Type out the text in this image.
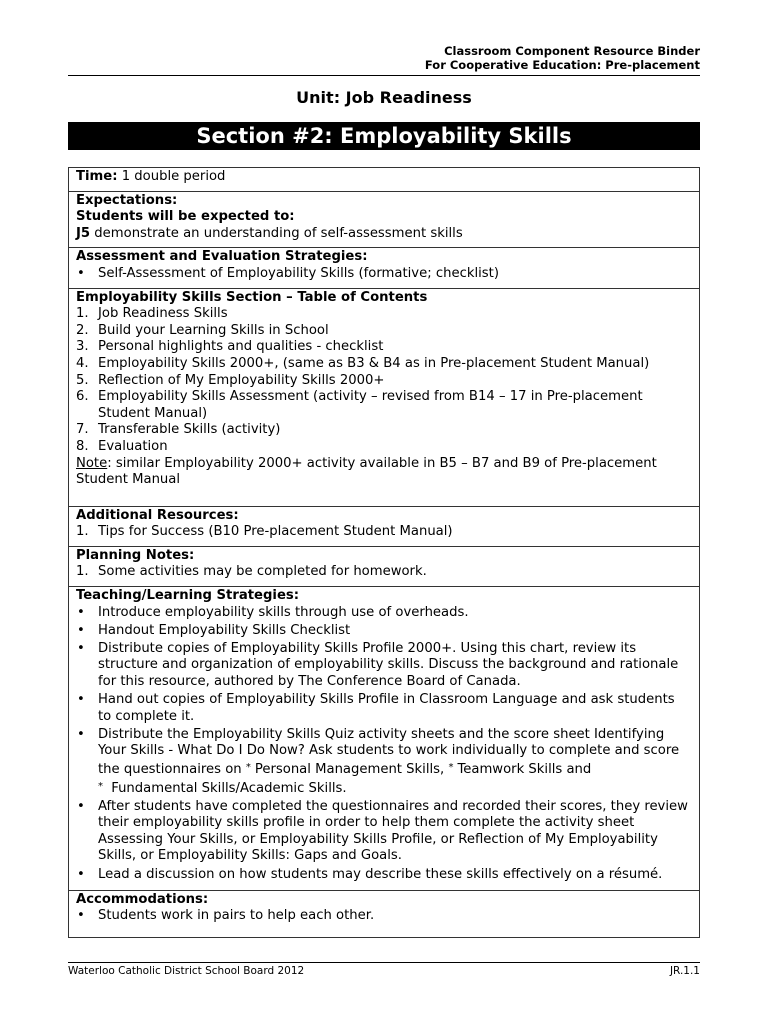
Classroom Component Resource Binder
For Cooperative Education: Pre-placement
Unit: Job Readiness
Section #2: Employability Skills
Time: 1 double period
Expectations:
Students will be expected to:
J5 demonstrate an understanding of self-assessment skills
Assessment and Evaluation Strategies:
• Self-Assessment of Employability Skills (formative; checklist)
Employability Skills Section – Table of Contents
1. Job Readiness Skills
2. Build your Learning Skills in School
3. Personal highlights and qualities - checklist
4. Employability Skills 2000+, (same as B3 & B4 as in Pre-placement Student Manual)
5. Reflection of My Employability Skills 2000+
6. Employability Skills Assessment (activity – revised from B14 – 17 in Pre-placement Student Manual)
7. Transferable Skills (activity)
8. Evaluation
Note: similar Employability 2000+ activity available in B5 – B7 and B9 of Pre-placement Student Manual
Additional Resources:
1. Tips for Success (B10 Pre-placement Student Manual)
Planning Notes:
1. Some activities may be completed for homework.
Teaching/Learning Strategies:
• Introduce employability skills through use of overheads.
• Handout Employability Skills Checklist
• Distribute copies of Employability Skills Profile 2000+. Using this chart, review its structure and organization of employability skills. Discuss the background and rationale for this resource, authored by The Conference Board of Canada.
• Hand out copies of Employability Skills Profile in Classroom Language and ask students to complete it.
• Distribute the Employability Skills Quiz activity sheets and the score sheet Identifying Your Skills - What Do I Do Now? Ask students to work individually to complete and score the questionnaires on * Personal Management Skills, * Teamwork Skills and
* Fundamental Skills/Academic Skills.
• After students have completed the questionnaires and recorded their scores, they review their employability skills profile in order to help them complete the activity sheet Assessing Your Skills, or Employability Skills Profile, or Reflection of My Employability Skills, or Employability Skills: Gaps and Goals.
• Lead a discussion on how students may describe these skills effectively on a résumé.
Accommodations:
• Students work in pairs to help each other.
Waterloo Catholic District School Board 2012	JR.1.1
